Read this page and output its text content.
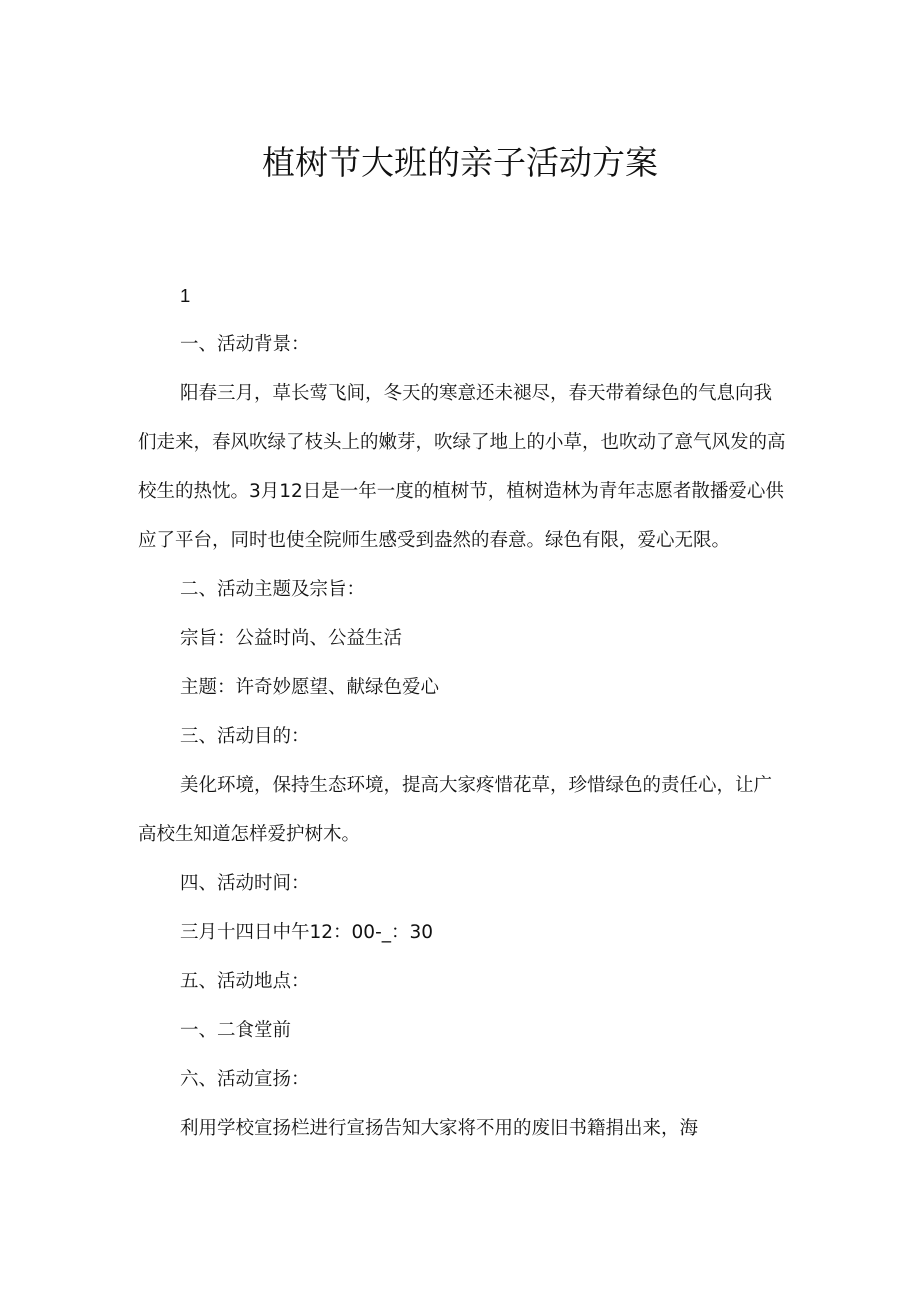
植树节大班的亲子活动方案

1

一、活动背景：

阳春三月，草长莺飞间，冬天的寒意还未褪尽，春天带着绿色的气息向我们走来，春风吹绿了枝头上的嫩芽，吹绿了地上的小草，也吹动了意气风发的高校生的热忱。3月12日是一年一度的植树节，植树造林为青年志愿者散播爱心供应了平台，同时也使全院师生感受到盎然的春意。绿色有限，爱心无限。

二、活动主题及宗旨：

宗旨：公益时尚、公益生活

主题：许奇妙愿望、献绿色爱心

三、活动目的：

美化环境，保持生态环境，提高大家疼惜花草，珍惜绿色的责任心，让广高校生知道怎样爱护树木。

四、活动时间：

三月十四日中午12：00-_：30

五、活动地点：

一、二食堂前

六、活动宣扬：

利用学校宣扬栏进行宣扬告知大家将不用的废旧书籍捐出来，海
